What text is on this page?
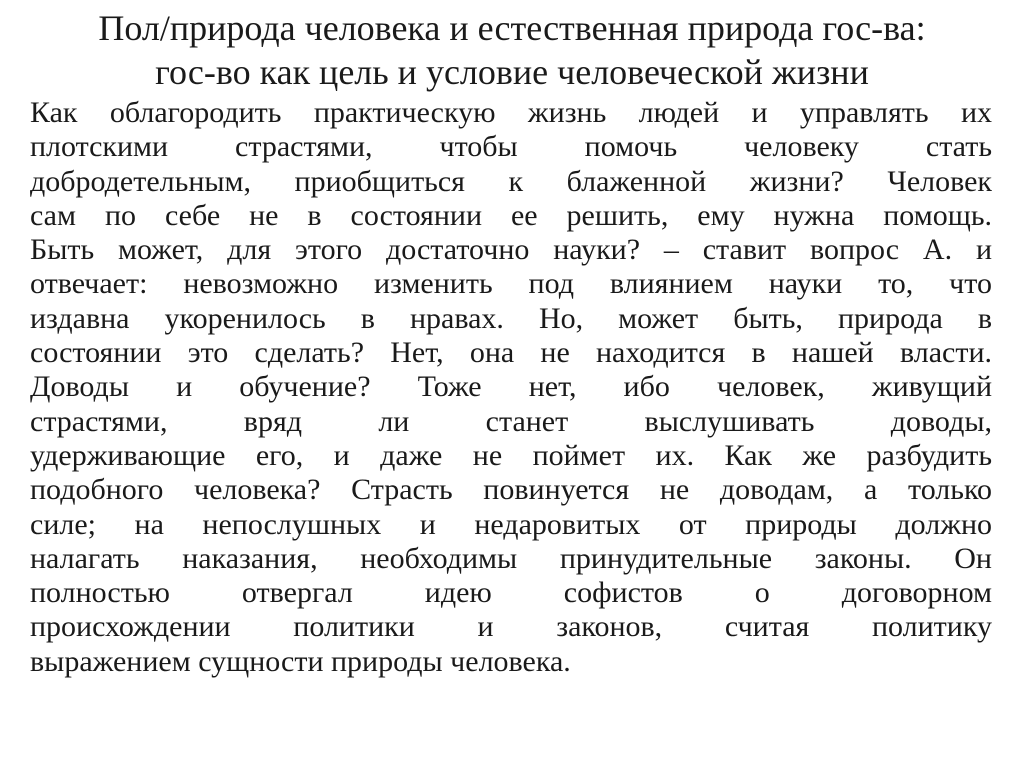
Пол/природа человека и естественная природа гос-ва:
гос-во как цель и условие человеческой жизни
Как облагородить практическую жизнь людей и управлять их
плотскими страстями, чтобы помочь человеку стать
добродетельным, приобщиться к блаженной жизни? Человек
сам по себе не в состоянии ее решить, ему нужна помощь.
Быть может, для этого достаточно науки? – ставит вопрос А. и
отвечает: невозможно изменить под влиянием науки то, что
издавна укоренилось в нравах. Но, может быть, природа в
состоянии это сделать? Нет, она не находится в нашей власти.
Доводы и обучение? Тоже нет, ибо человек, живущий
страстями, вряд ли станет выслушивать доводы,
удерживающие его, и даже не поймет их. Как же разбудить
подобного человека? Страсть повинуется не доводам, а только
силе; на непослушных и недаровитых от природы должно
налагать наказания, необходимы принудительные законы. Он
полностью отвергал идею софистов о договорном
происхождении политики и законов, считая политику
выражением сущности природы человека.
